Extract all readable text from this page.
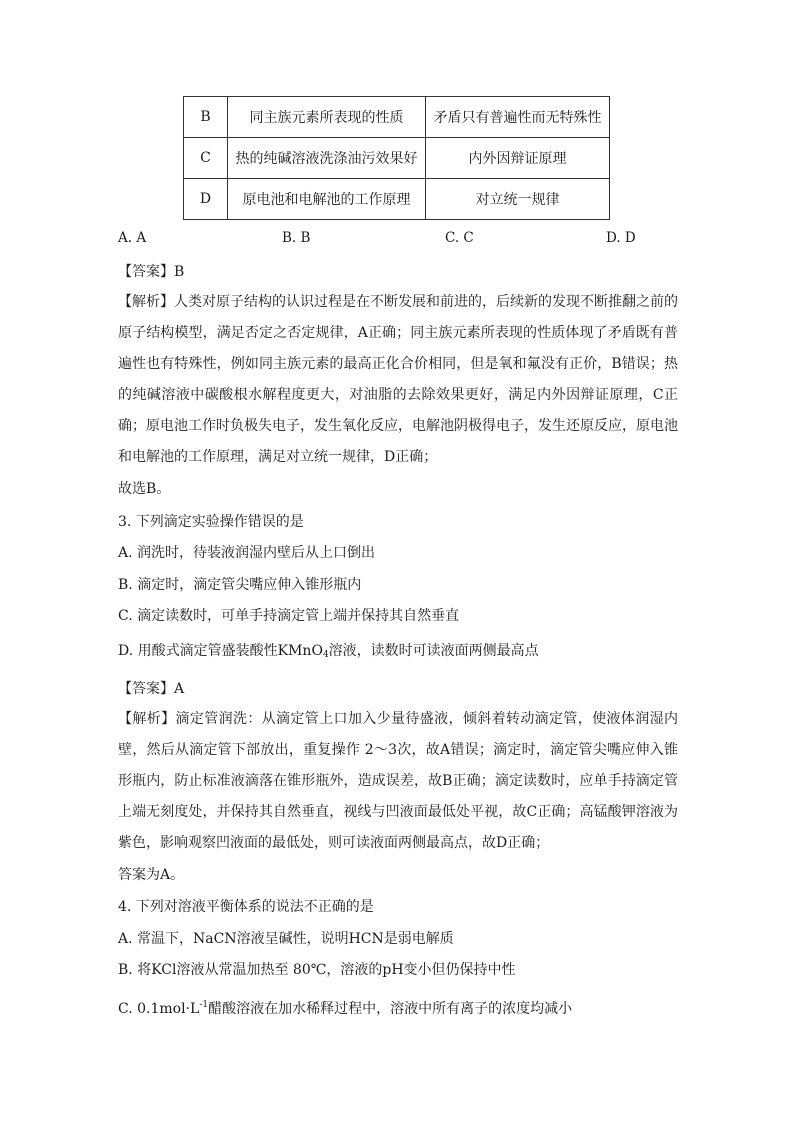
B	同主族元素所表现的性质	矛盾只有普遍性而无特殊性
C	热的纯碱溶液洗涤油污效果好	内外因辩证原理
D	原电池和电解池的工作原理	对立统一规律
A. A	B. B	C. C	D. D
【答案】B
【解析】人类对原子结构的认识过程是在不断发展和前进的，后续新的发现不断推翻之前的原子结构模型，满足否定之否定规律，A正确；同主族元素所表现的性质体现了矛盾既有普遍性也有特殊性，例如同主族元素的最高正化合价相同，但是氧和氟没有正价，B错误；热的纯碱溶液中碳酸根水解程度更大，对油脂的去除效果更好，满足内外因辩证原理，C正确；原电池工作时负极失电子，发生氧化反应，电解池阴极得电子，发生还原反应，原电池和电解池的工作原理，满足对立统一规律，D正确；
故选B。
3. 下列滴定实验操作错误的是
A. 润洗时，待装液润湿内壁后从上口倒出
B. 滴定时，滴定管尖嘴应伸入锥形瓶内
C. 滴定读数时，可单手持滴定管上端并保持其自然垂直
D. 用酸式滴定管盛装酸性KMnO$_4$溶液，读数时可读液面两侧最高点
【答案】A
【解析】滴定管润洗：从滴定管上口加入少量待盛液，倾斜着转动滴定管，使液体润湿内壁，然后从滴定管下部放出，重复操作 2～3次，故A错误；滴定时，滴定管尖嘴应伸入锥形瓶内，防止标准液滴落在锥形瓶外，造成误差，故B正确；滴定读数时，应单手持滴定管上端无刻度处，并保持其自然垂直，视线与凹液面最低处平视，故C正确；高锰酸钾溶液为紫色，影响观察凹液面的最低处，则可读液面两侧最高点，故D正确；
答案为A。
4. 下列对溶液平衡体系的说法不正确的是
A. 常温下，NaCN溶液呈碱性，说明HCN是弱电解质
B. 将KCl溶液从常温加热至 80℃，溶液的pH变小但仍保持中性
C. $0.1mol\cdot L^{-1}$醋酸溶液在加水稀释过程中，溶液中所有离子的浓度均减小
